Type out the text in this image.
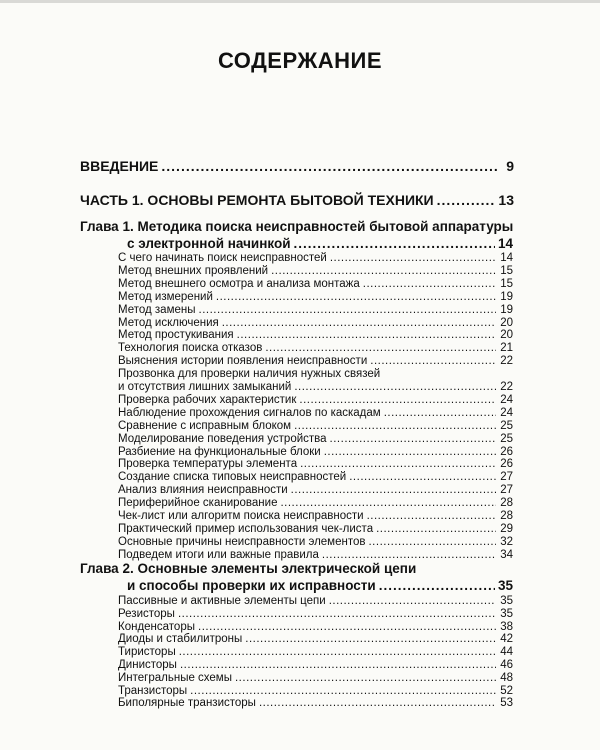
СОДЕРЖАНИЕ
ВВЕДЕНИЕ .....	9
ЧАСТЬ 1. ОСНОВЫ РЕМОНТА БЫТОВОЙ ТЕХНИКИ .....	13
Глава 1. Методика поиска неисправностей бытовой аппаратуры
с электронной начинкой .....	14
С чего начинать поиск неисправностей .....	14
Метод внешних проявлений .....	15
Метод внешнего осмотра и анализа монтажа .....	15
Метод измерений .....	19
Метод замены .....	19
Метод исключения .....	20
Метод простукивания .....	20
Технология поиска отказов .....	21
Выяснения истории появления неисправности .....	22
Прозвонка для проверки наличия нужных связей
и отсутствия лишних замыканий .....	22
Проверка рабочих характеристик .....	24
Наблюдение прохождения сигналов по каскадам .....	24
Сравнение с исправным блоком .....	25
Моделирование поведения устройства .....	25
Разбиение на функциональные блоки .....	26
Проверка температуры элемента .....	26
Создание списка типовых неисправностей .....	27
Анализ влияния неисправности .....	27
Периферийное сканирование .....	28
Чек-лист или алгоритм поиска неисправности .....	28
Практический пример использования чек-листа .....	29
Основные причины неисправности элементов .....	32
Подведем итоги или важные правила .....	34
Глава 2. Основные элементы электрической цепи
и способы проверки их исправности .....	35
Пассивные и активные элементы цепи .....	35
Резисторы .....	35
Конденсаторы .....	38
Диоды и стабилитроны .....	42
Тиристоры .....	44
Динисторы .....	46
Интегральные схемы .....	48
Транзисторы .....	52
Биполярные транзисторы .....	53
